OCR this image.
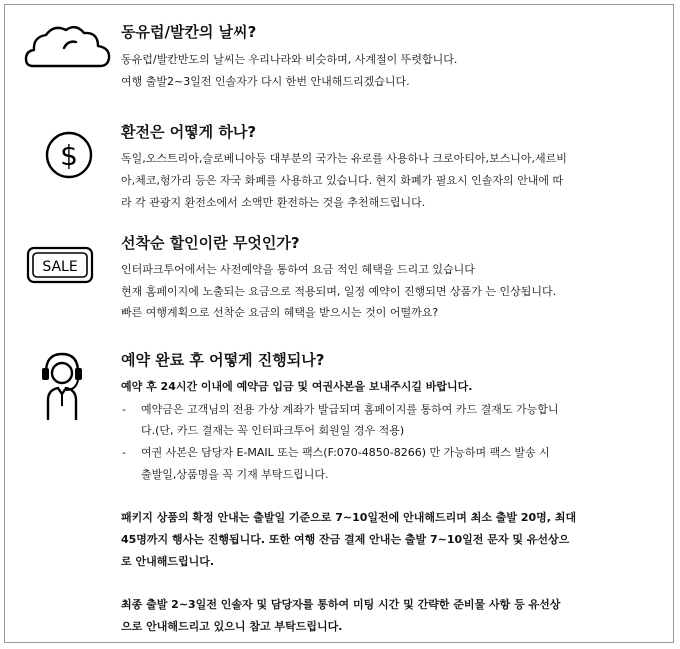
동유럽/발칸의 날씨?
동유럽/발칸반도의 날씨는 우리나라와 비슷하며, 사계절이 뚜렷합니다.
여행 출발2~3일전 인솔자가 다시 한번 안내해드리겠습니다.
$
환전은 어떻게 하나?
독일,오스트리아,슬로베니아등 대부분의 국가는 유로를 사용하나 크로아티아,보스니아,세르비
아,체코,헝가리 등은 자국 화폐를 사용하고 있습니다. 현지 화폐가 필요시 인솔자의 안내에 따
라 각 관광지 환전소에서 소액만 환전하는 것을 추천해드립니다.
SALE
선착순 할인이란 무엇인가?
인터파크투어에서는 사전예약을 통하여 요금 적인 혜택을 드리고 있습니다
현재 홈페이지에 노출되는 요금으로 적용되며, 일정 예약이 진행되면 상품가 는 인상됩니다.
빠른 여행계획으로 선착순 요금의 혜택을 받으시는 것이 어떨까요?
예약 완료 후 어떻게 진행되나?
예약 후 24시간 이내에 예약금 입금 및 여권사본을 보내주시길 바랍니다.
- 예약금은 고객님의 전용 가상 계좌가 발급되며 홈페이지를 통하여 카드 결재도 가능합니
다.(단, 카드 결재는 꼭 인터파크투어 회원일 경우 적용)
- 여권 사본은 담당자 E-MAIL 또는 팩스(F:070-4850-8266) 만 가능하며 팩스 발송 시
출발일,상품명을 꼭 기재 부탁드립니다.
패키지 상품의 확정 안내는 출발일 기준으로 7~10일전에 안내해드리며 최소 출발 20명, 최대
45명까지 행사는 진행됩니다. 또한 여행 잔금 결제 안내는 출발 7~10일전 문자 및 유선상으
로 안내해드립니다.
최종 출발 2~3일전 인솔자 및 담당자를 통하여 미팅 시간 및 간략한 준비물 사항 등 유선상
으로 안내해드리고 있으니 참고 부탁드립니다.
